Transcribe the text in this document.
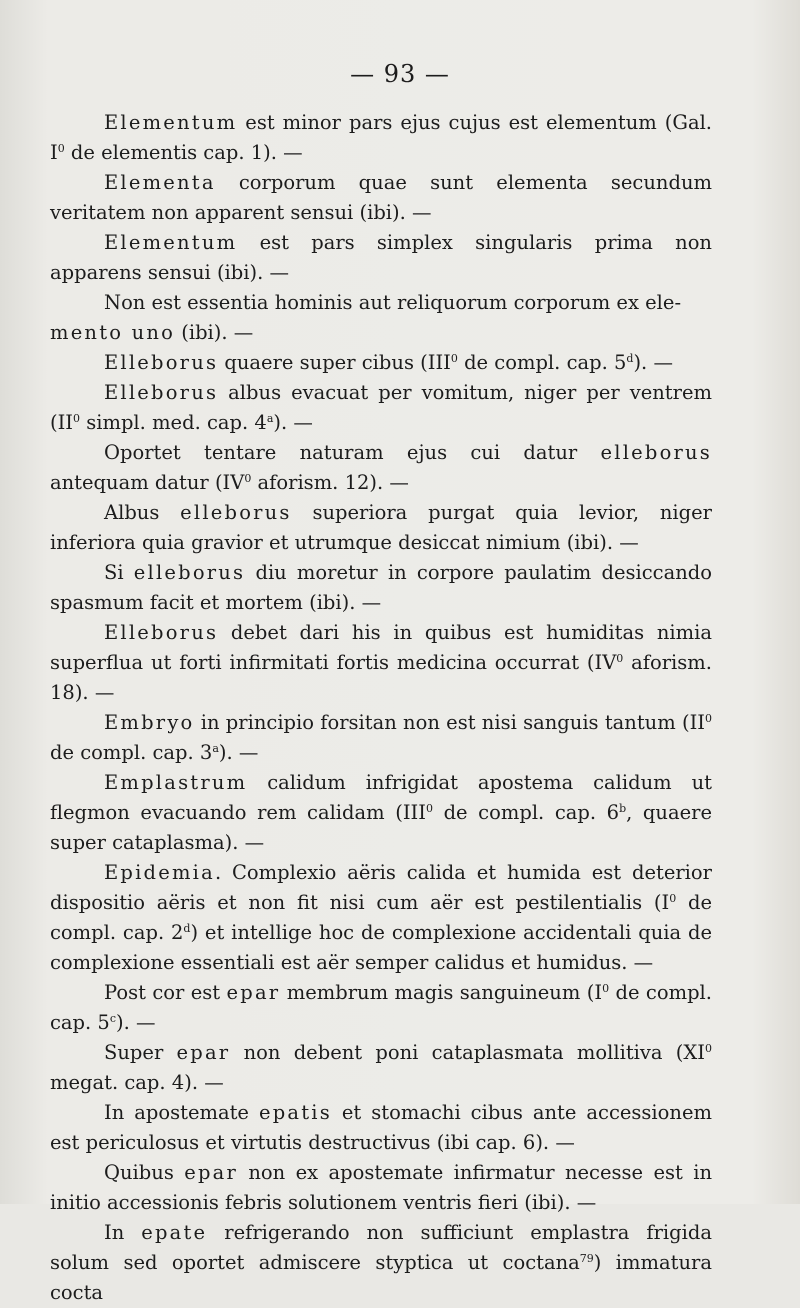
— 93 —

Elementum est minor pars ejus cujus est elementum (Gal. $I^0$ de elementis cap. 1). —

Elementa corporum quae sunt elementa secundum veritatem non apparent sensui (ibi). —

Elementum est pars simplex singularis prima non apparens sensui (ibi). —

Non est essentia hominis aut reliquorum corporum ex ele-
mento uno (ibi). —

Elleborus quaere super cibus (III$^0$ de compl. cap. 5$^d$). —

Elleborus albus evacuat per vomitum, niger per ventrem ($II^0$ simpl. med. cap. 4$^a$). —

Oportet tentare naturam ejus cui datur elleborus antequam datur ($IV^0$ aforism. 12). —

Albus elleborus superiora purgat quia levior, niger inferiora quia gravior et utrumque desiccat nimium (ibi). —

Si elleborus diu moretur in corpore paulatim desiccando spasmum facit et mortem (ibi). —

Elleborus debet dari his in quibus est humiditas nimia superflua ut forti infirmitati fortis medicina occurrat ($IV^0$ aforism. 18). —

Embryo in principio forsitan non est nisi sanguis tantum ($II^0$ de compl. cap. 3$^a$). —

Emplastrum calidum infrigidat apostema calidum ut flegmon evacuando rem calidam (III$^0$ de compl. cap. 6$^b$, quaere super cataplasma). —

Epidemia. Complexio aëris calida et humida est deterior dispositio aëris et non fit nisi cum aër est pestilentialis ($I^0$ de compl. cap. 2$^d$) et intellige hoc de complexione accidentali quia de complexione essentiali est aër semper calidus et humidus. —

Post cor est epar membrum magis sanguineum ($I^0$ de compl. cap. 5$^c$). —

Super epar non debent poni cataplasmata mollitiva ($XI^0$ megat. cap. 4). —

In apostemate epatis et stomachi cibus ante accessionem est periculosus et virtutis destructivus (ibi cap. 6). —

Quibus epar non ex apostemate infirmatur necesse est in initio accessionis febris solutionem ventris fieri (ibi). —

In epate refrigerando non sufficiunt emplastra frigida solum sed oportet admiscere styptica ut coctana$^{79}$) immatura cocta
